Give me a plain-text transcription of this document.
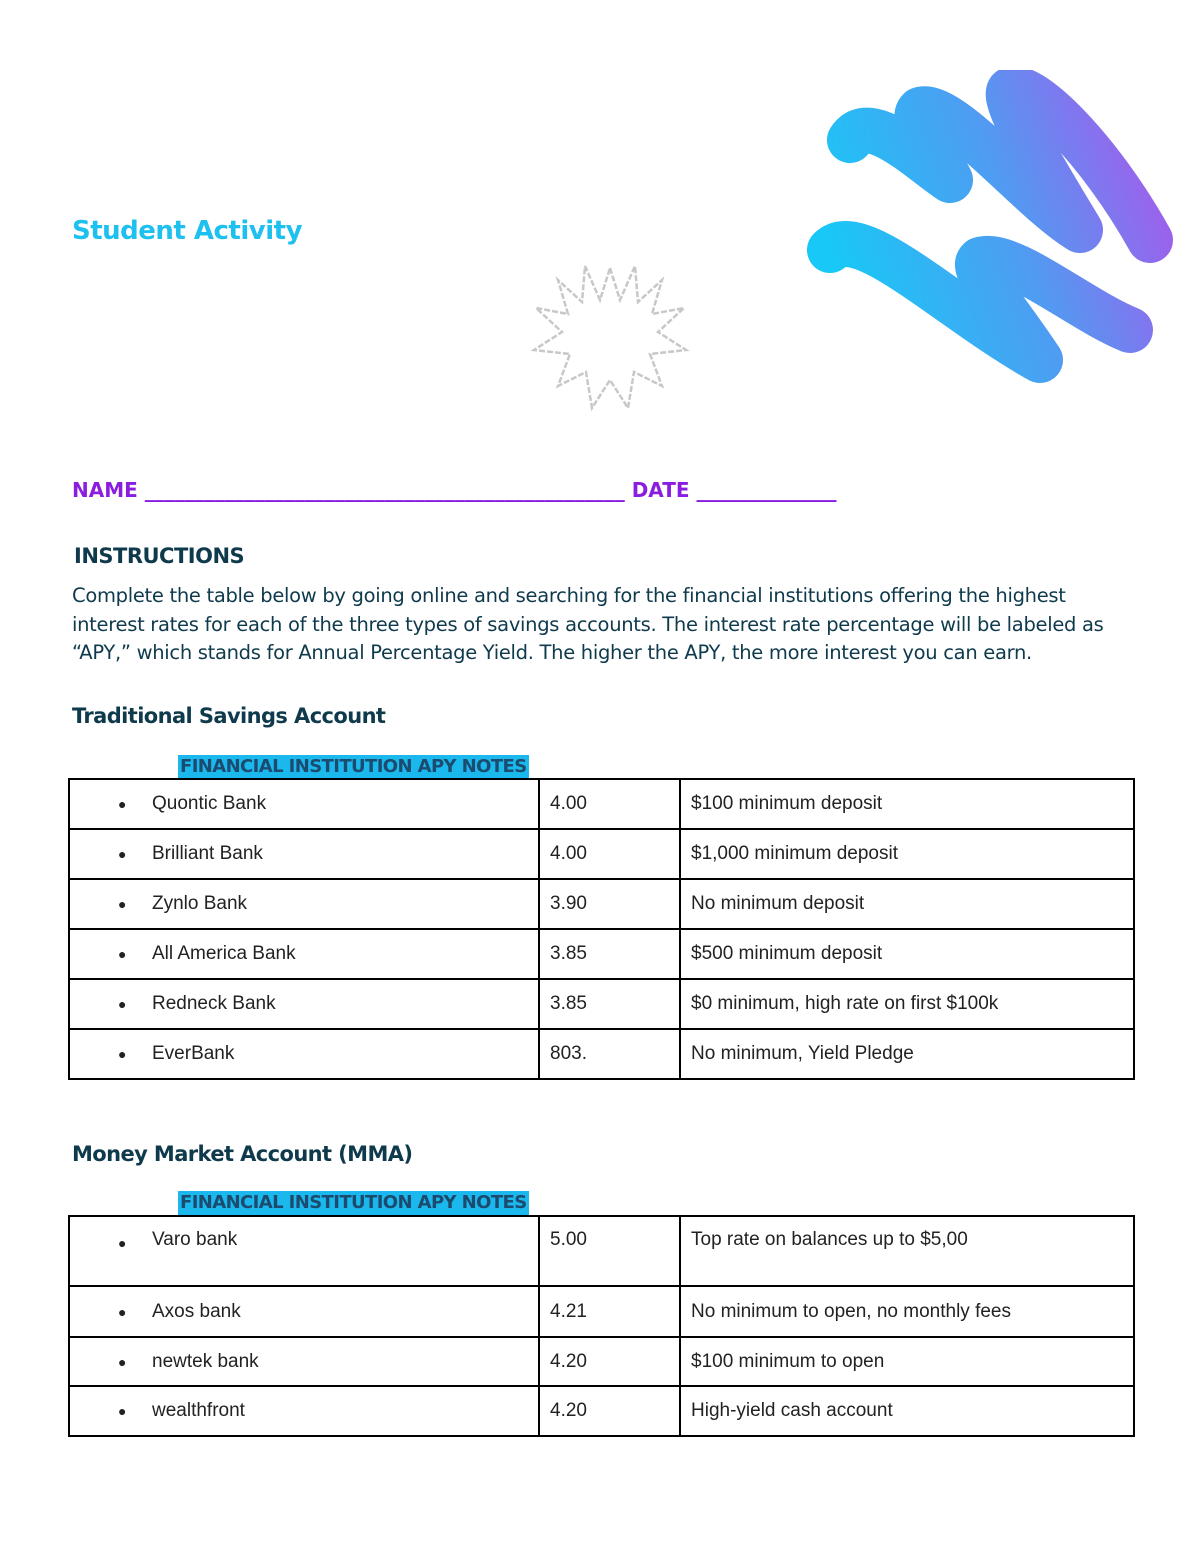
Student Activity
NAME ________________________________________________ DATE ______________
INSTRUCTIONS
Complete the table below by going online and searching for the financial institutions offering the highest interest rates for each of the three types of savings accounts. The interest rate percentage will be labeled as “APY,” which stands for Annual Percentage Yield. The higher the APY, the more interest you can earn.
Traditional Savings Account
FINANCIAL INSTITUTION APY NOTES
● Quontic Bank	4.00	$100 minimum deposit

● Brilliant Bank	4.00	$1,000 minimum deposit

● Zynlo Bank	3.90	No minimum deposit

● All America Bank	3.85	$500 minimum deposit

● Redneck Bank	3.85	$0 minimum, high rate on first $100k

● EverBank	803.	No minimum, Yield Pledge
Money Market Account (MMA)
FINANCIAL INSTITUTION APY NOTES
● Varo bank	5.00	Top rate on balances up to $5,00

● Axos bank	4.21	No minimum to open, no monthly fees

● newtek bank	4.20	$100 minimum to open

● wealthfront	4.20	High-yield cash account
